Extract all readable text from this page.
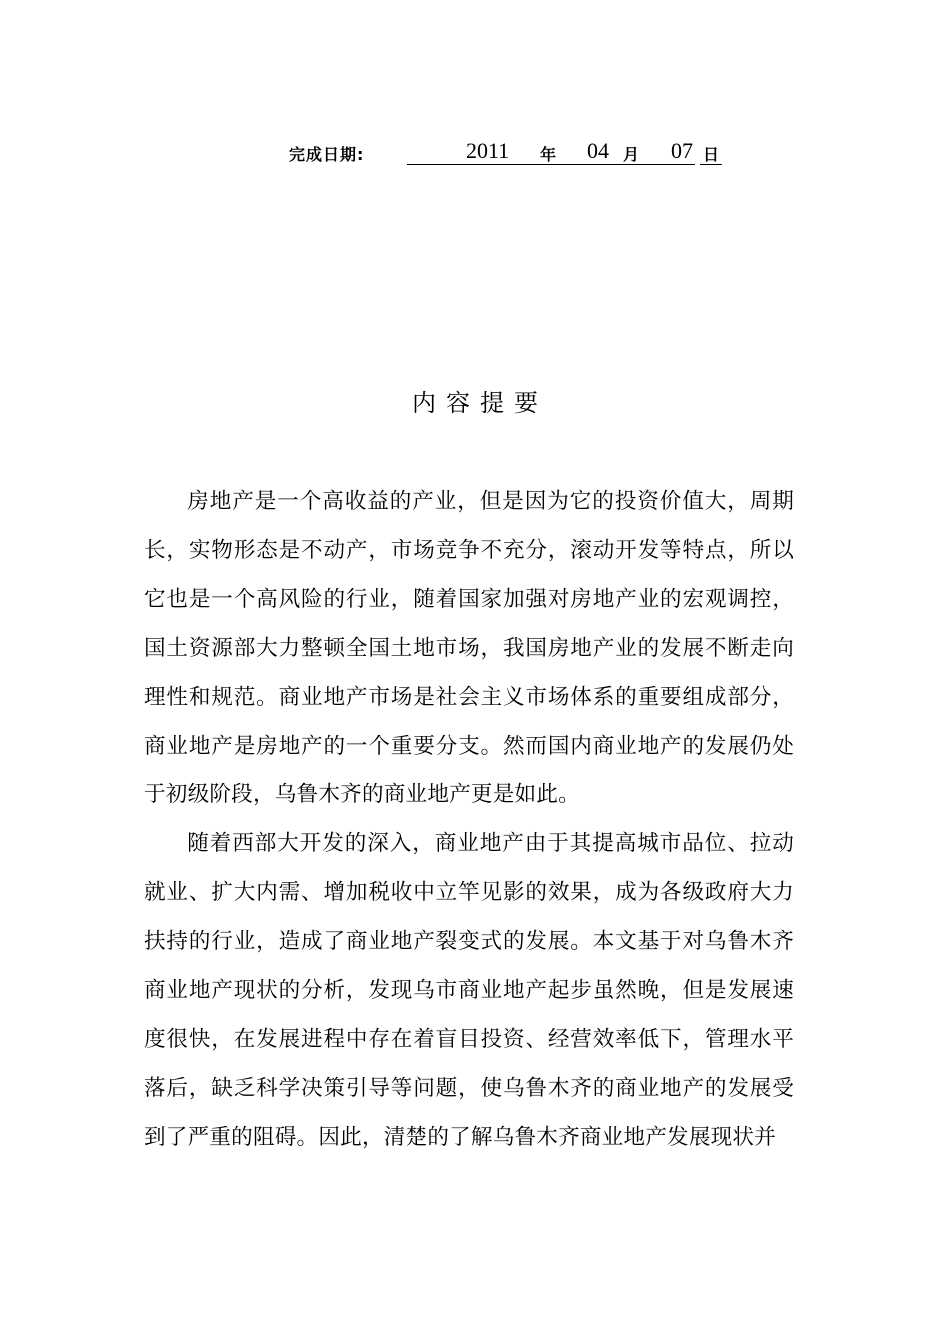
完成日期:	2011 年 04 月 07 日
内容提要

房地产是一个高收益的产业，但是因为它的投资价值大，周期长，实物形态是不动产，市场竞争不充分，滚动开发等特点，所以它也是一个高风险的行业，随着国家加强对房地产业的宏观调控，国土资源部大力整顿全国土地市场，我国房地产业的发展不断走向理性和规范。商业地产市场是社会主义市场体系的重要组成部分，商业地产是房地产的一个重要分支。然而国内商业地产的发展仍处于初级阶段，乌鲁木齐的商业地产更是如此。

随着西部大开发的深入，商业地产由于其提高城市品位、拉动就业、扩大内需、增加税收中立竿见影的效果，成为各级政府大力扶持的行业，造成了商业地产裂变式的发展。本文基于对乌鲁木齐商业地产现状的分析，发现乌市商业地产起步虽然晚，但是发展速度很快，在发展进程中存在着盲目投资、经营效率低下，管理水平落后，缺乏科学决策引导等问题，使乌鲁木齐的商业地产的发展受到了严重的阻碍。因此，清楚的了解乌鲁木齐商业地产发展现状并
